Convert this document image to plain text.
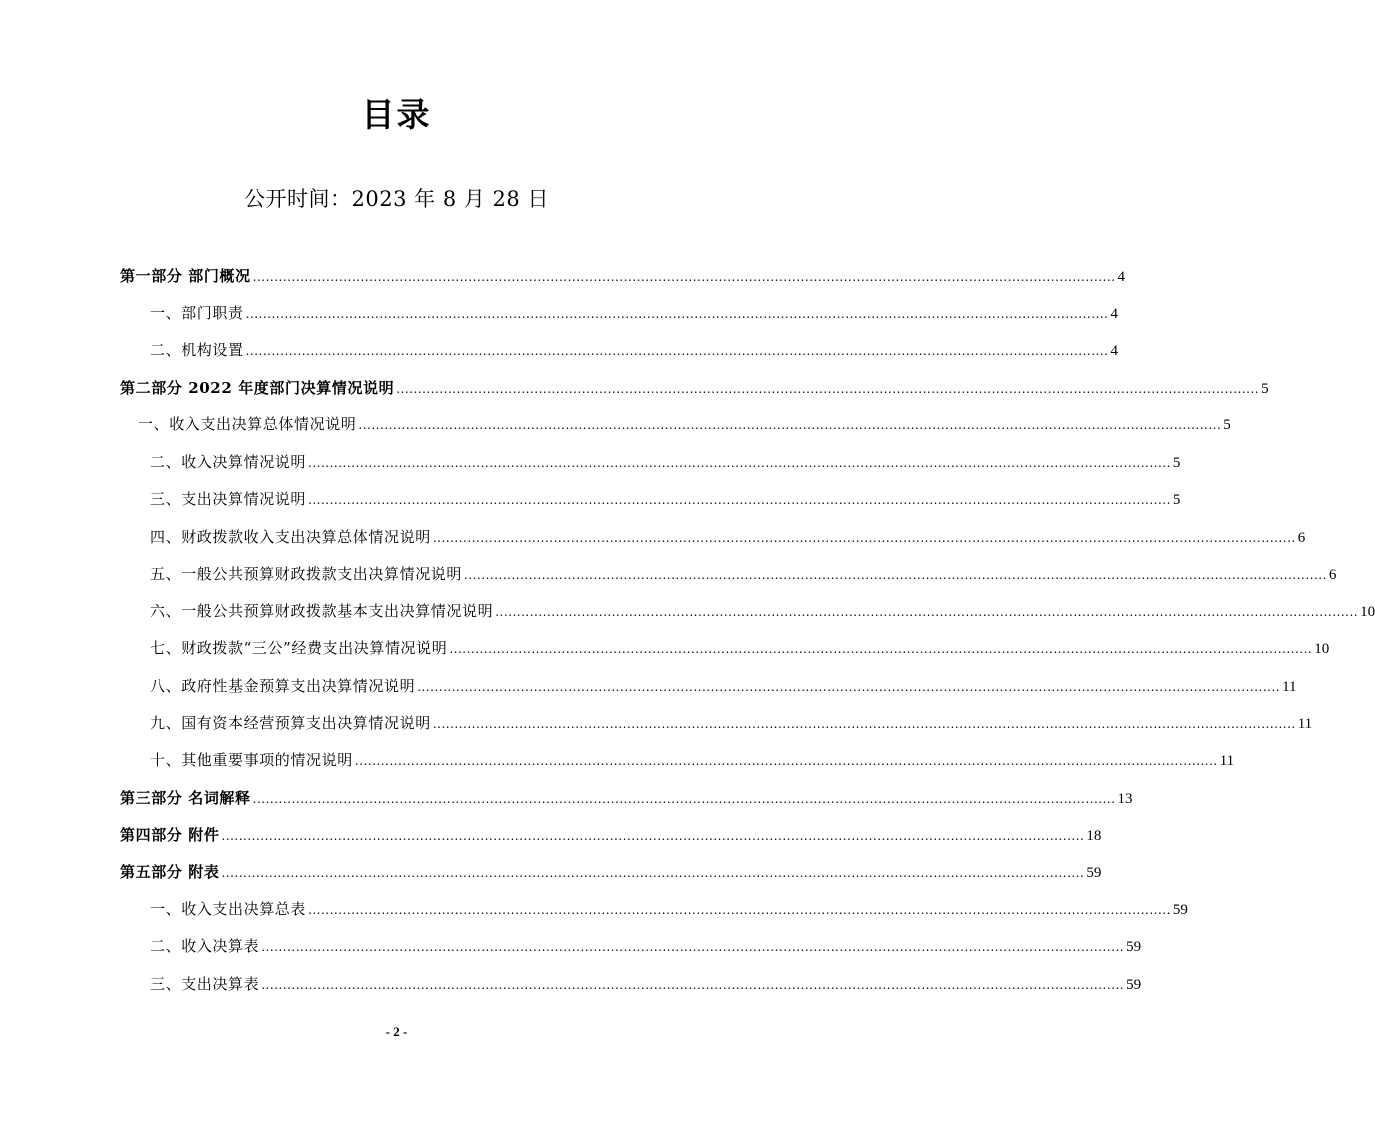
目录
公开时间：2023 年 8 月 28 日
第一部分 部门概况 ........................................................................................................................................................................................................ 4
一、部门职责 ........................................................................................................................................................................................................ 4
二、机构设置 ........................................................................................................................................................................................................ 4
第二部分 2022 年度部门决算情况说明 ........................................................................................................................................................................................................ 5
一、收入支出决算总体情况说明 ........................................................................................................................................................................................................ 5
二、收入决算情况说明 ........................................................................................................................................................................................................ 5
三、支出决算情况说明 ........................................................................................................................................................................................................ 5
四、财政拨款收入支出决算总体情况说明 ........................................................................................................................................................................................................ 6
五、一般公共预算财政拨款支出决算情况说明 ........................................................................................................................................................................................................ 6
六、一般公共预算财政拨款基本支出决算情况说明 ........................................................................................................................................................................................................ 10
七、财政拨款“三公”经费支出决算情况说明 ........................................................................................................................................................................................................ 10
八、政府性基金预算支出决算情况说明 ........................................................................................................................................................................................................ 11
九、国有资本经营预算支出决算情况说明 ........................................................................................................................................................................................................ 11
十、其他重要事项的情况说明 ........................................................................................................................................................................................................ 11
第三部分 名词解释 ........................................................................................................................................................................................................ 13
第四部分 附件 ........................................................................................................................................................................................................ 18
第五部分 附表 ........................................................................................................................................................................................................ 59
一、收入支出决算总表 ........................................................................................................................................................................................................ 59
二、收入决算表 ........................................................................................................................................................................................................ 59
三、支出决算表 ........................................................................................................................................................................................................ 59
- 2 -
